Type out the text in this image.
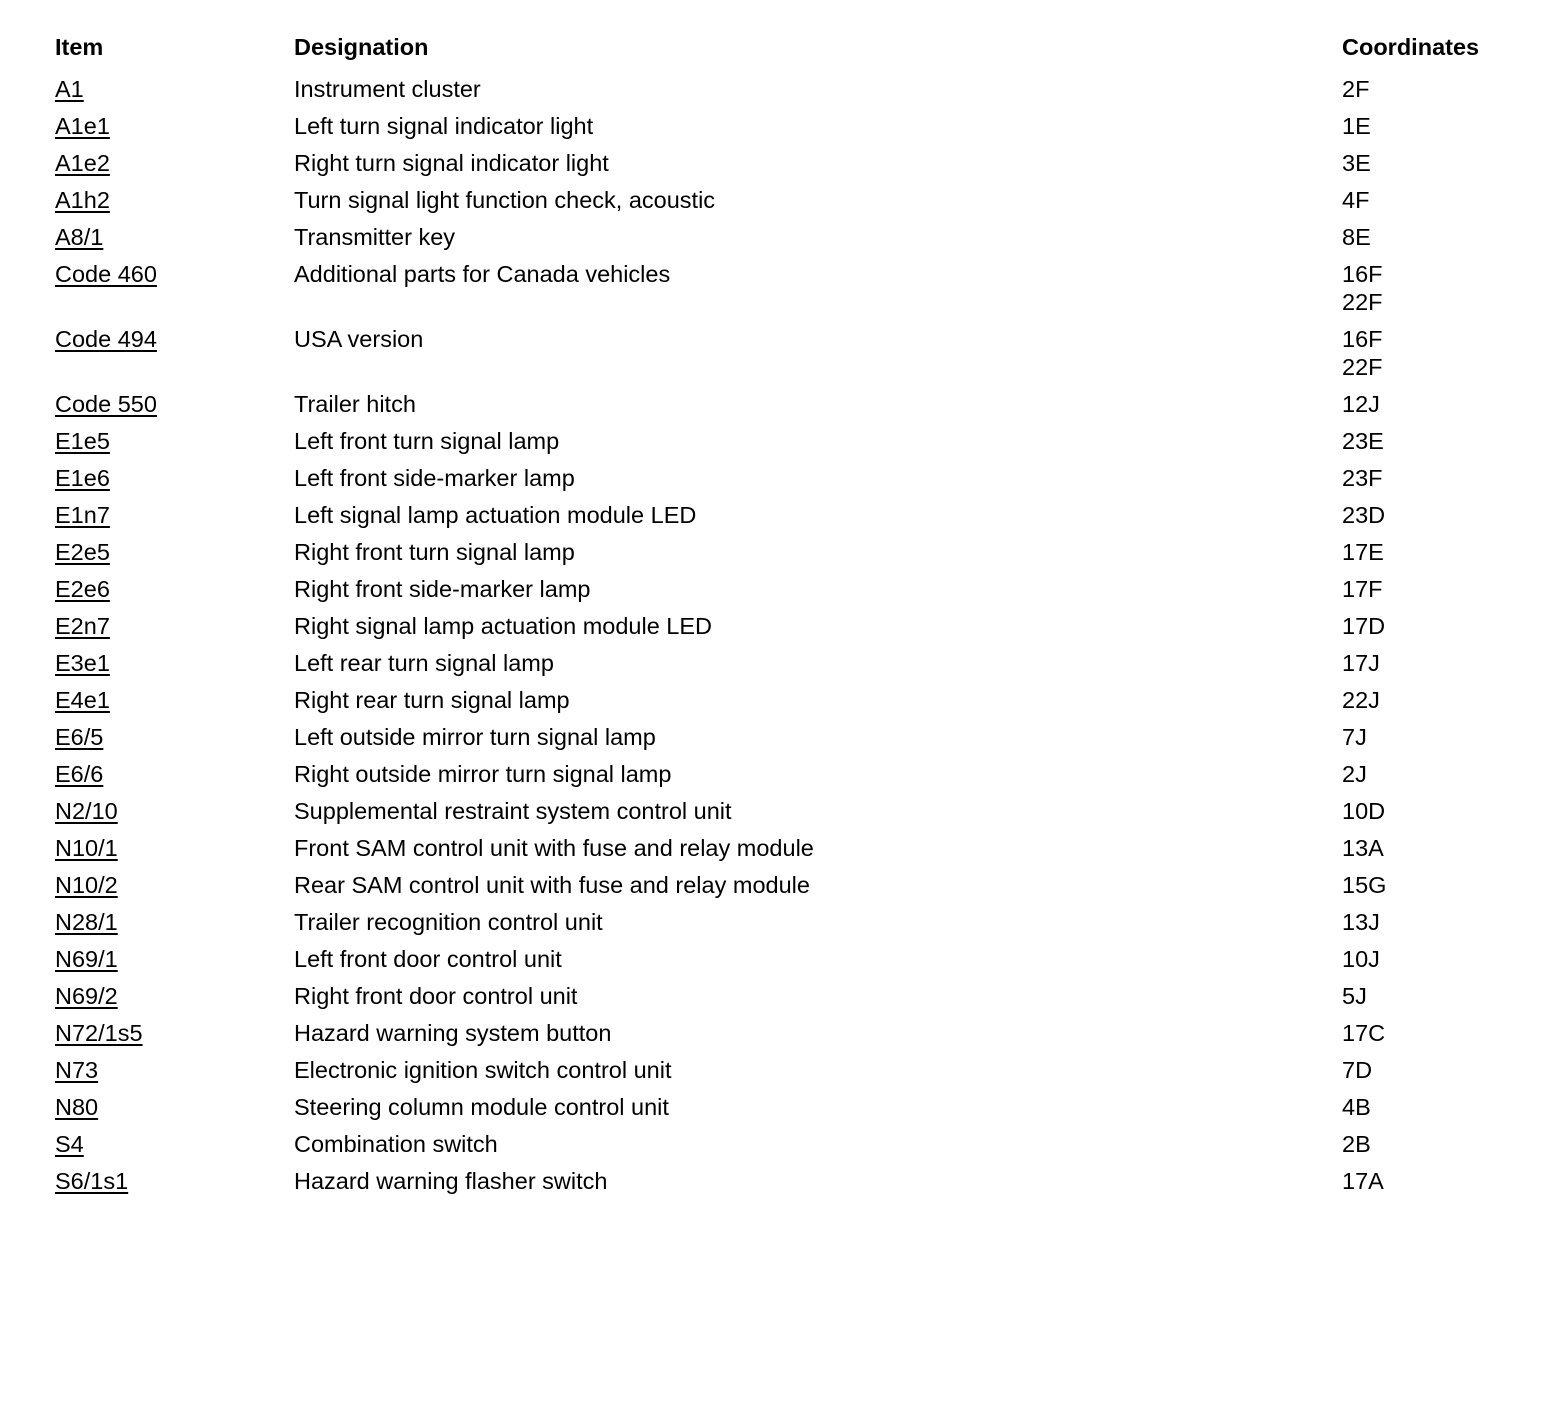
Item	Designation	Coordinates
A1	Instrument cluster	2F

A1e1	Left turn signal indicator light	1E

A1e2	Right turn signal indicator light	3E

A1h2	Turn signal light function check, acoustic	4F

A8/1	Transmitter key	8E

Code 460	Additional parts for Canada vehicles	16F
22F

Code 494	USA version	16F
22F

Code 550	Trailer hitch	12J

E1e5	Left front turn signal lamp	23E

E1e6	Left front side-marker lamp	23F

E1n7	Left signal lamp actuation module LED	23D

E2e5	Right front turn signal lamp	17E

E2e6	Right front side-marker lamp	17F

E2n7	Right signal lamp actuation module LED	17D

E3e1	Left rear turn signal lamp	17J

E4e1	Right rear turn signal lamp	22J

E6/5	Left outside mirror turn signal lamp	7J

E6/6	Right outside mirror turn signal lamp	2J

N2/10	Supplemental restraint system control unit	10D

N10/1	Front SAM control unit with fuse and relay module	13A

N10/2	Rear SAM control unit with fuse and relay module	15G

N28/1	Trailer recognition control unit	13J

N69/1	Left front door control unit	10J

N69/2	Right front door control unit	5J

N72/1s5	Hazard warning system button	17C

N73	Electronic ignition switch control unit	7D

N80	Steering column module control unit	4B

S4	Combination switch	2B

S6/1s1	Hazard warning flasher switch	17A
